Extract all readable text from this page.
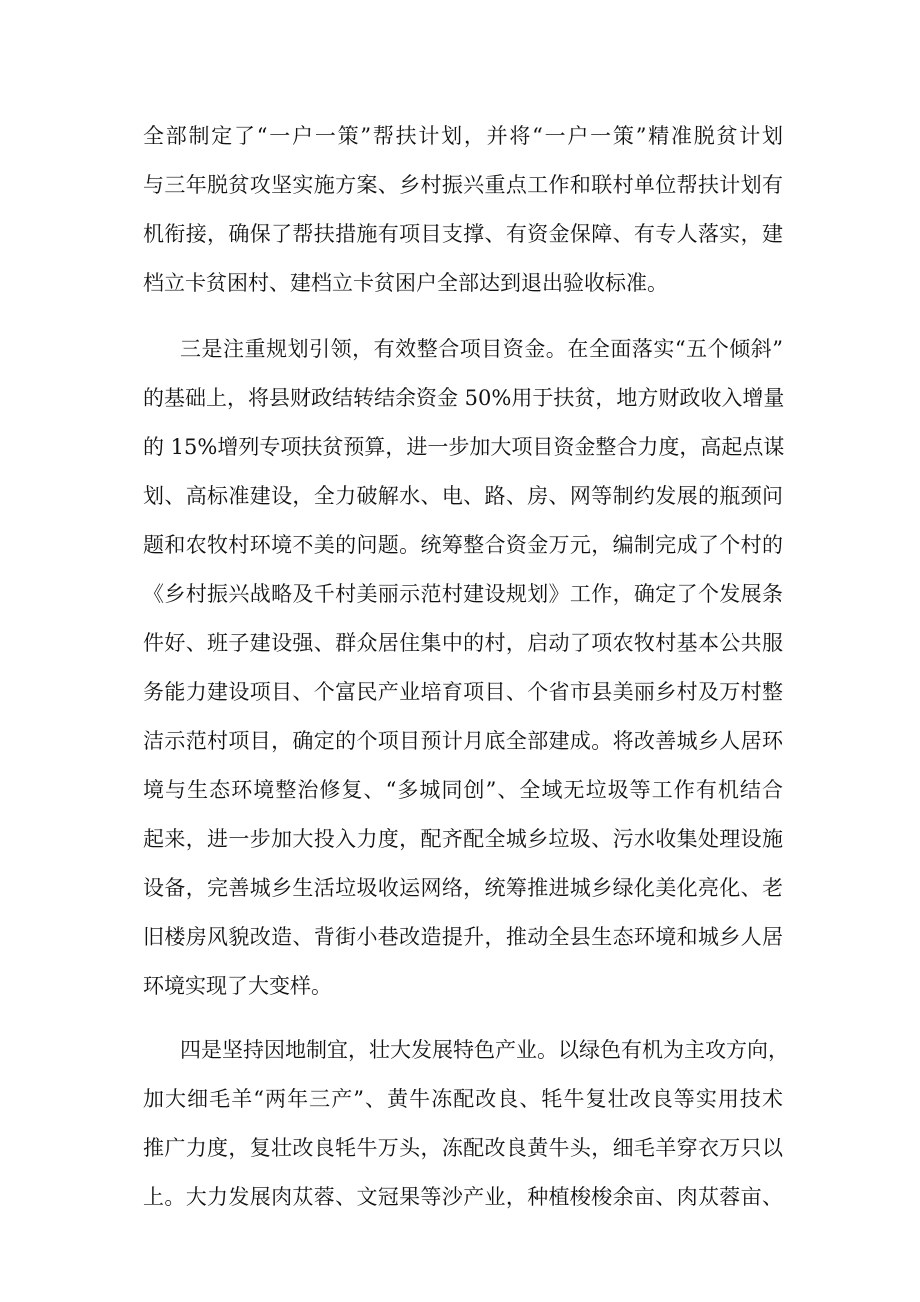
全部制定了“一户一策”帮扶计划，并将“一户一策”精准脱贫计划
与三年脱贫攻坚实施方案、乡村振兴重点工作和联村单位帮扶计划有
机衔接，确保了帮扶措施有项目支撑、有资金保障、有专人落实，建
档立卡贫困村、建档立卡贫困户全部达到退出验收标准。
三是注重规划引领，有效整合项目资金。在全面落实“五个倾斜”
的基础上，将县财政结转结余资金 50%用于扶贫，地方财政收入增量
的 15%增列专项扶贫预算，进一步加大项目资金整合力度，高起点谋
划、高标准建设，全力破解水、电、路、房、网等制约发展的瓶颈问
题和农牧村环境不美的问题。统筹整合资金万元，编制完成了个村的
《乡村振兴战略及千村美丽示范村建设规划》工作，确定了个发展条
件好、班子建设强、群众居住集中的村，启动了项农牧村基本公共服
务能力建设项目、个富民产业培育项目、个省市县美丽乡村及万村整
洁示范村项目，确定的个项目预计月底全部建成。将改善城乡人居环
境与生态环境整治修复、“多城同创”、全域无垃圾等工作有机结合
起来，进一步加大投入力度，配齐配全城乡垃圾、污水收集处理设施
设备，完善城乡生活垃圾收运网络，统筹推进城乡绿化美化亮化、老
旧楼房风貌改造、背街小巷改造提升，推动全县生态环境和城乡人居
环境实现了大变样。
四是坚持因地制宜，壮大发展特色产业。以绿色有机为主攻方向，
加大细毛羊“两年三产”、黄牛冻配改良、牦牛复壮改良等实用技术
推广力度，复壮改良牦牛万头，冻配改良黄牛头，细毛羊穿衣万只以
上。大力发展肉苁蓉、文冠果等沙产业，种植梭梭余亩、肉苁蓉亩、
